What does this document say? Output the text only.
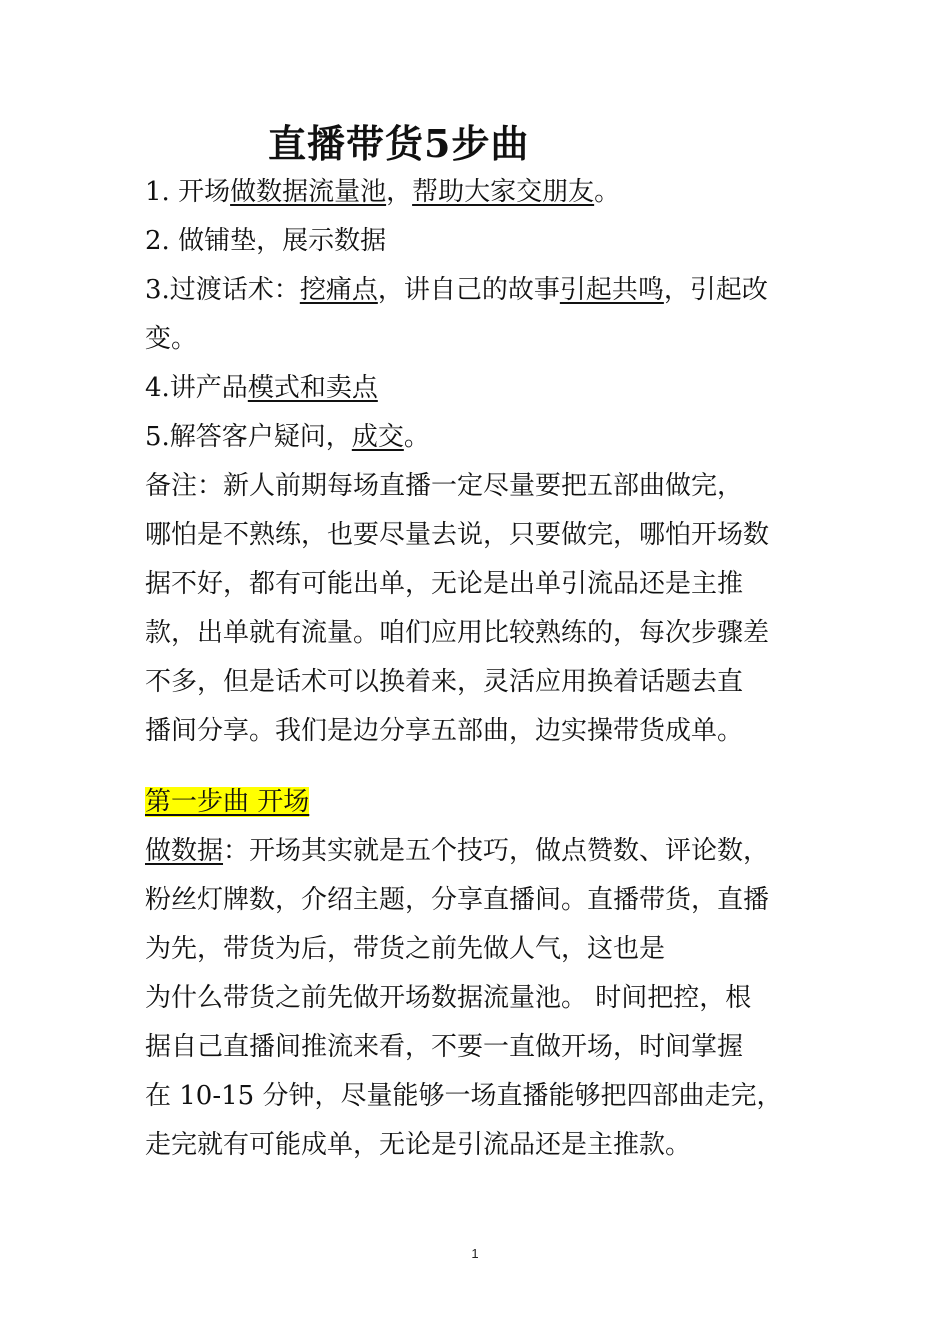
直播带货5步曲
1. 开场做数据流量池，帮助大家交朋友。
2. 做铺垫，展示数据
3.过渡话术：挖痛点，讲自己的故事引起共鸣，引起改
变。
4.讲产品模式和卖点
5.解答客户疑问，成交。
备注：新人前期每场直播一定尽量要把五部曲做完，
哪怕是不熟练，也要尽量去说，只要做完，哪怕开场数
据不好，都有可能出单，无论是出单引流品还是主推
款，出单就有流量。咱们应用比较熟练的，每次步骤差
不多，但是话术可以换着来，灵活应用换着话题去直
播间分享。我们是边分享五部曲，边实操带货成单。
第一步曲 开场
做数据：开场其实就是五个技巧，做点赞数、评论数，
粉丝灯牌数，介绍主题，分享直播间。直播带货，直播
为先，带货为后，带货之前先做人气，这也是
为什么带货之前先做开场数据流量池。 时间把控，根
据自己直播间推流来看，不要一直做开场，时间掌握
在 10-15 分钟，尽量能够一场直播能够把四部曲走完，
走完就有可能成单，无论是引流品还是主推款。
1
